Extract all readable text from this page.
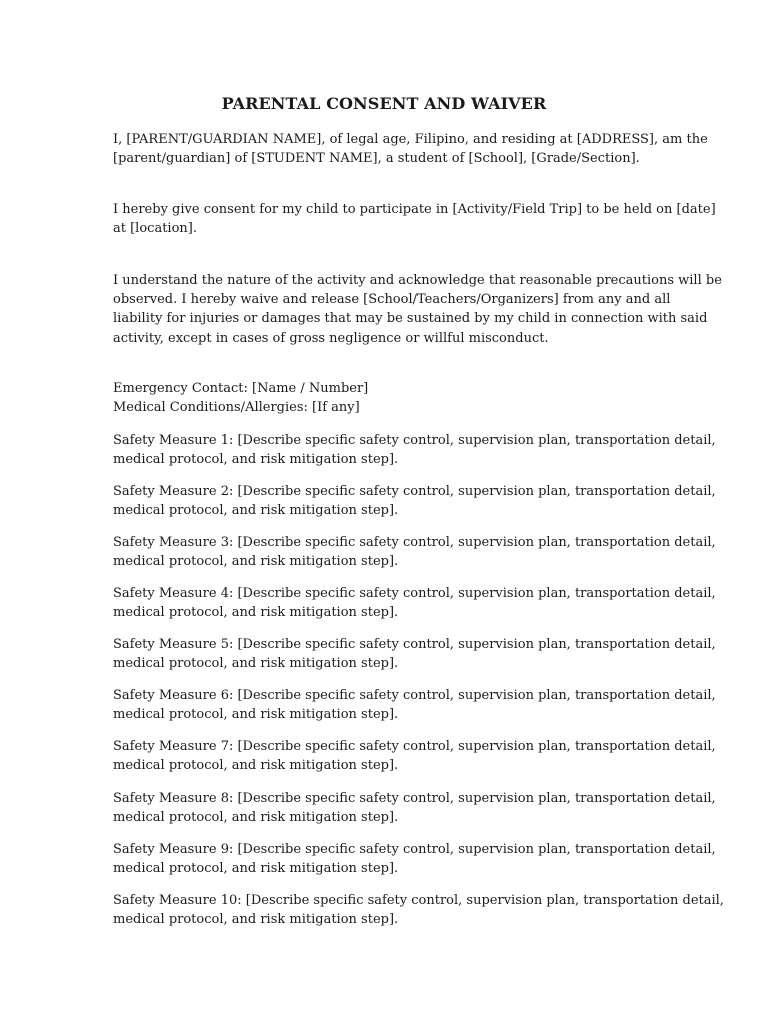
PARENTAL CONSENT AND WAIVER

I, [PARENT/GUARDIAN NAME], of legal age, Filipino, and residing at [ADDRESS], am the
[parent/guardian] of [STUDENT NAME], a student of [School], [Grade/Section].

I hereby give consent for my child to participate in [Activity/Field Trip] to be held on [date]
at [location].

I understand the nature of the activity and acknowledge that reasonable precautions will be
observed. I hereby waive and release [School/Teachers/Organizers] from any and all
liability for injuries or damages that may be sustained by my child in connection with said
activity, except in cases of gross negligence or willful misconduct.

Emergency Contact: [Name / Number]
Medical Conditions/Allergies: [If any]

Safety Measure 1: [Describe specific safety control, supervision plan, transportation detail,
medical protocol, and risk mitigation step].

Safety Measure 2: [Describe specific safety control, supervision plan, transportation detail,
medical protocol, and risk mitigation step].

Safety Measure 3: [Describe specific safety control, supervision plan, transportation detail,
medical protocol, and risk mitigation step].

Safety Measure 4: [Describe specific safety control, supervision plan, transportation detail,
medical protocol, and risk mitigation step].

Safety Measure 5: [Describe specific safety control, supervision plan, transportation detail,
medical protocol, and risk mitigation step].

Safety Measure 6: [Describe specific safety control, supervision plan, transportation detail,
medical protocol, and risk mitigation step].

Safety Measure 7: [Describe specific safety control, supervision plan, transportation detail,
medical protocol, and risk mitigation step].

Safety Measure 8: [Describe specific safety control, supervision plan, transportation detail,
medical protocol, and risk mitigation step].

Safety Measure 9: [Describe specific safety control, supervision plan, transportation detail,
medical protocol, and risk mitigation step].

Safety Measure 10: [Describe specific safety control, supervision plan, transportation detail,
medical protocol, and risk mitigation step].
